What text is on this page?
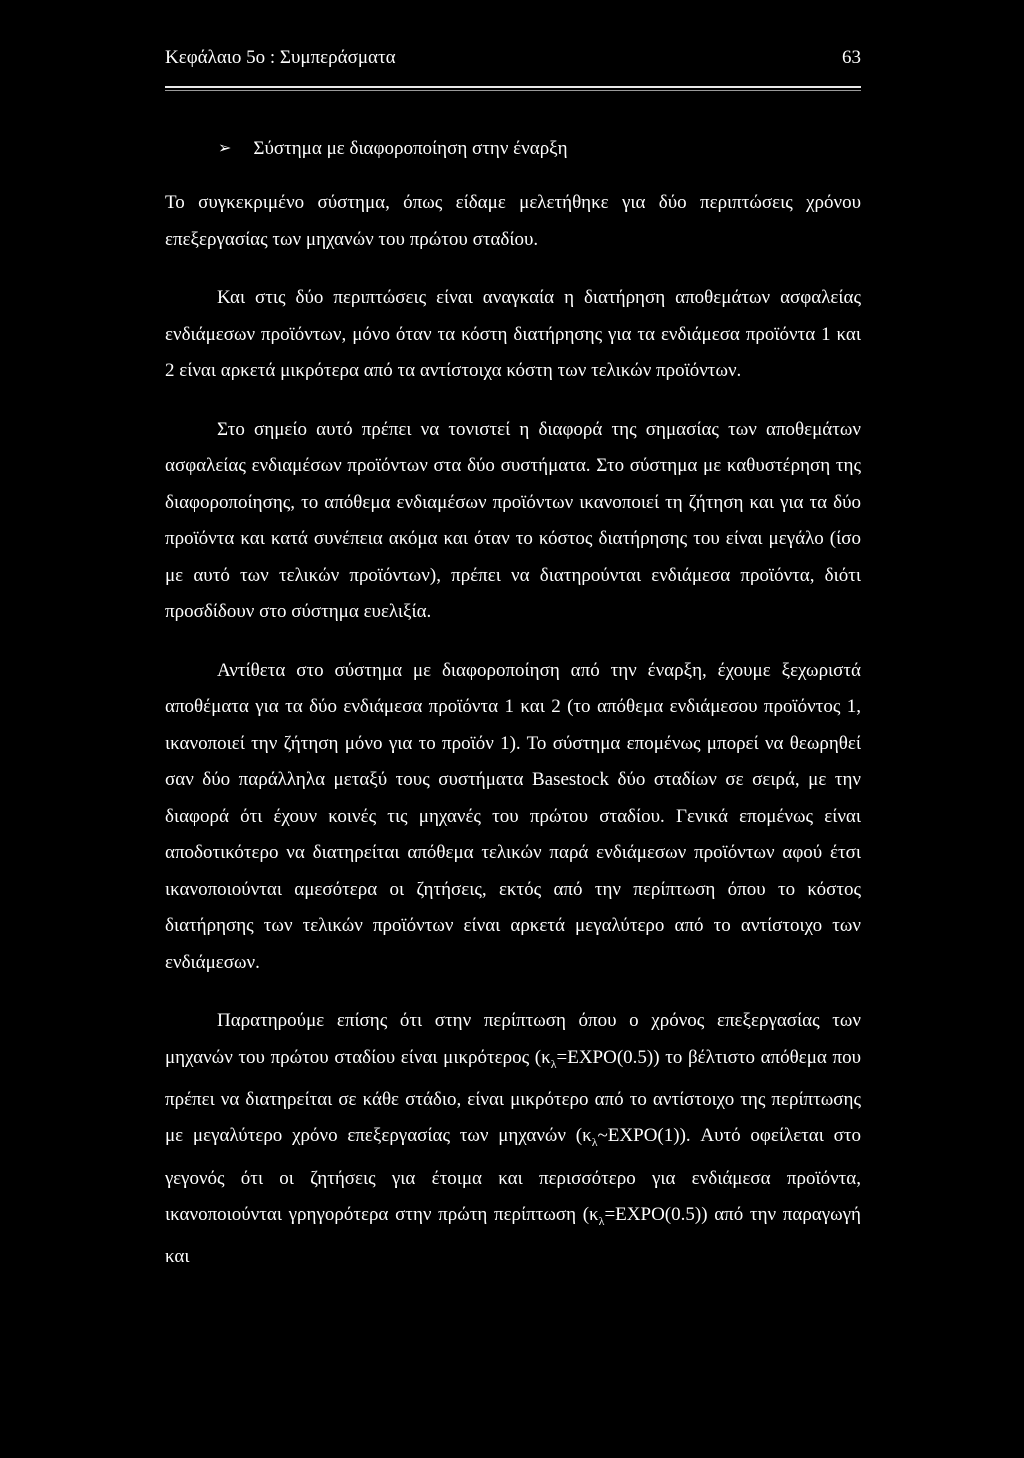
Κεφάλαιο 5ο : Συμπεράσματα	63
➢ Σύστημα με διαφοροποίηση στην έναρξη

Το συγκεκριμένο σύστημα, όπως είδαμε μελετήθηκε για δύο περιπτώσεις χρόνου επεξεργασίας των μηχανών του πρώτου σταδίου.

Και στις δύο περιπτώσεις είναι αναγκαία η διατήρηση αποθεμάτων ασφαλείας ενδιάμεσων προϊόντων, μόνο όταν τα κόστη διατήρησης για τα ενδιάμεσα προϊόντα 1 και 2 είναι αρκετά μικρότερα από τα αντίστοιχα κόστη των τελικών προϊόντων.

Στο σημείο αυτό πρέπει να τονιστεί η διαφορά της σημασίας των αποθεμάτων ασφαλείας ενδιαμέσων προϊόντων στα δύο συστήματα. Στο σύστημα με καθυστέρηση της διαφοροποίησης, το απόθεμα ενδιαμέσων προϊόντων ικανοποιεί τη ζήτηση και για τα δύο προϊόντα και κατά συνέπεια ακόμα και όταν το κόστος διατήρησης του είναι μεγάλο (ίσο με αυτό των τελικών προϊόντων), πρέπει να διατηρούνται ενδιάμεσα προϊόντα, διότι προσδίδουν στο σύστημα ευελιξία.

Αντίθετα στο σύστημα με διαφοροποίηση από την έναρξη, έχουμε ξεχωριστά αποθέματα για τα δύο ενδιάμεσα προϊόντα 1 και 2 (το απόθεμα ενδιάμεσου προϊόντος 1, ικανοποιεί την ζήτηση μόνο για το προϊόν 1). Το σύστημα επομένως μπορεί να θεωρηθεί σαν δύο παράλληλα μεταξύ τους συστήματα Basestock δύο σταδίων σε σειρά, με την διαφορά ότι έχουν κοινές τις μηχανές του πρώτου σταδίου. Γενικά επομένως είναι αποδοτικότερο να διατηρείται απόθεμα τελικών παρά ενδιάμεσων προϊόντων αφού έτσι ικανοποιούνται αμεσότερα οι ζητήσεις, εκτός από την περίπτωση όπου το κόστος διατήρησης των τελικών προϊόντων είναι αρκετά μεγαλύτερο από το αντίστοιχο των ενδιάμεσων.

Παρατηρούμε επίσης ότι στην περίπτωση όπου ο χρόνος επεξεργασίας των μηχανών του πρώτου σταδίου είναι μικρότερος $(\kappa_\lambda=EXPO(0.5))$ το βέλτιστο απόθεμα που πρέπει να διατηρείται σε κάθε στάδιο, είναι μικρότερο από το αντίστοιχο της περίπτωσης με μεγαλύτερο χρόνο επεξεργασίας των μηχανών $(\kappa_\lambda\sim EXPO(1))$. Αυτό οφείλεται στο γεγονός ότι οι ζητήσεις για έτοιμα και περισσότερο για ενδιάμεσα προϊόντα, ικανοποιούνται γρηγορότερα στην πρώτη περίπτωση $(\kappa_\lambda=EXPO(0.5))$ από την παραγωγή και
